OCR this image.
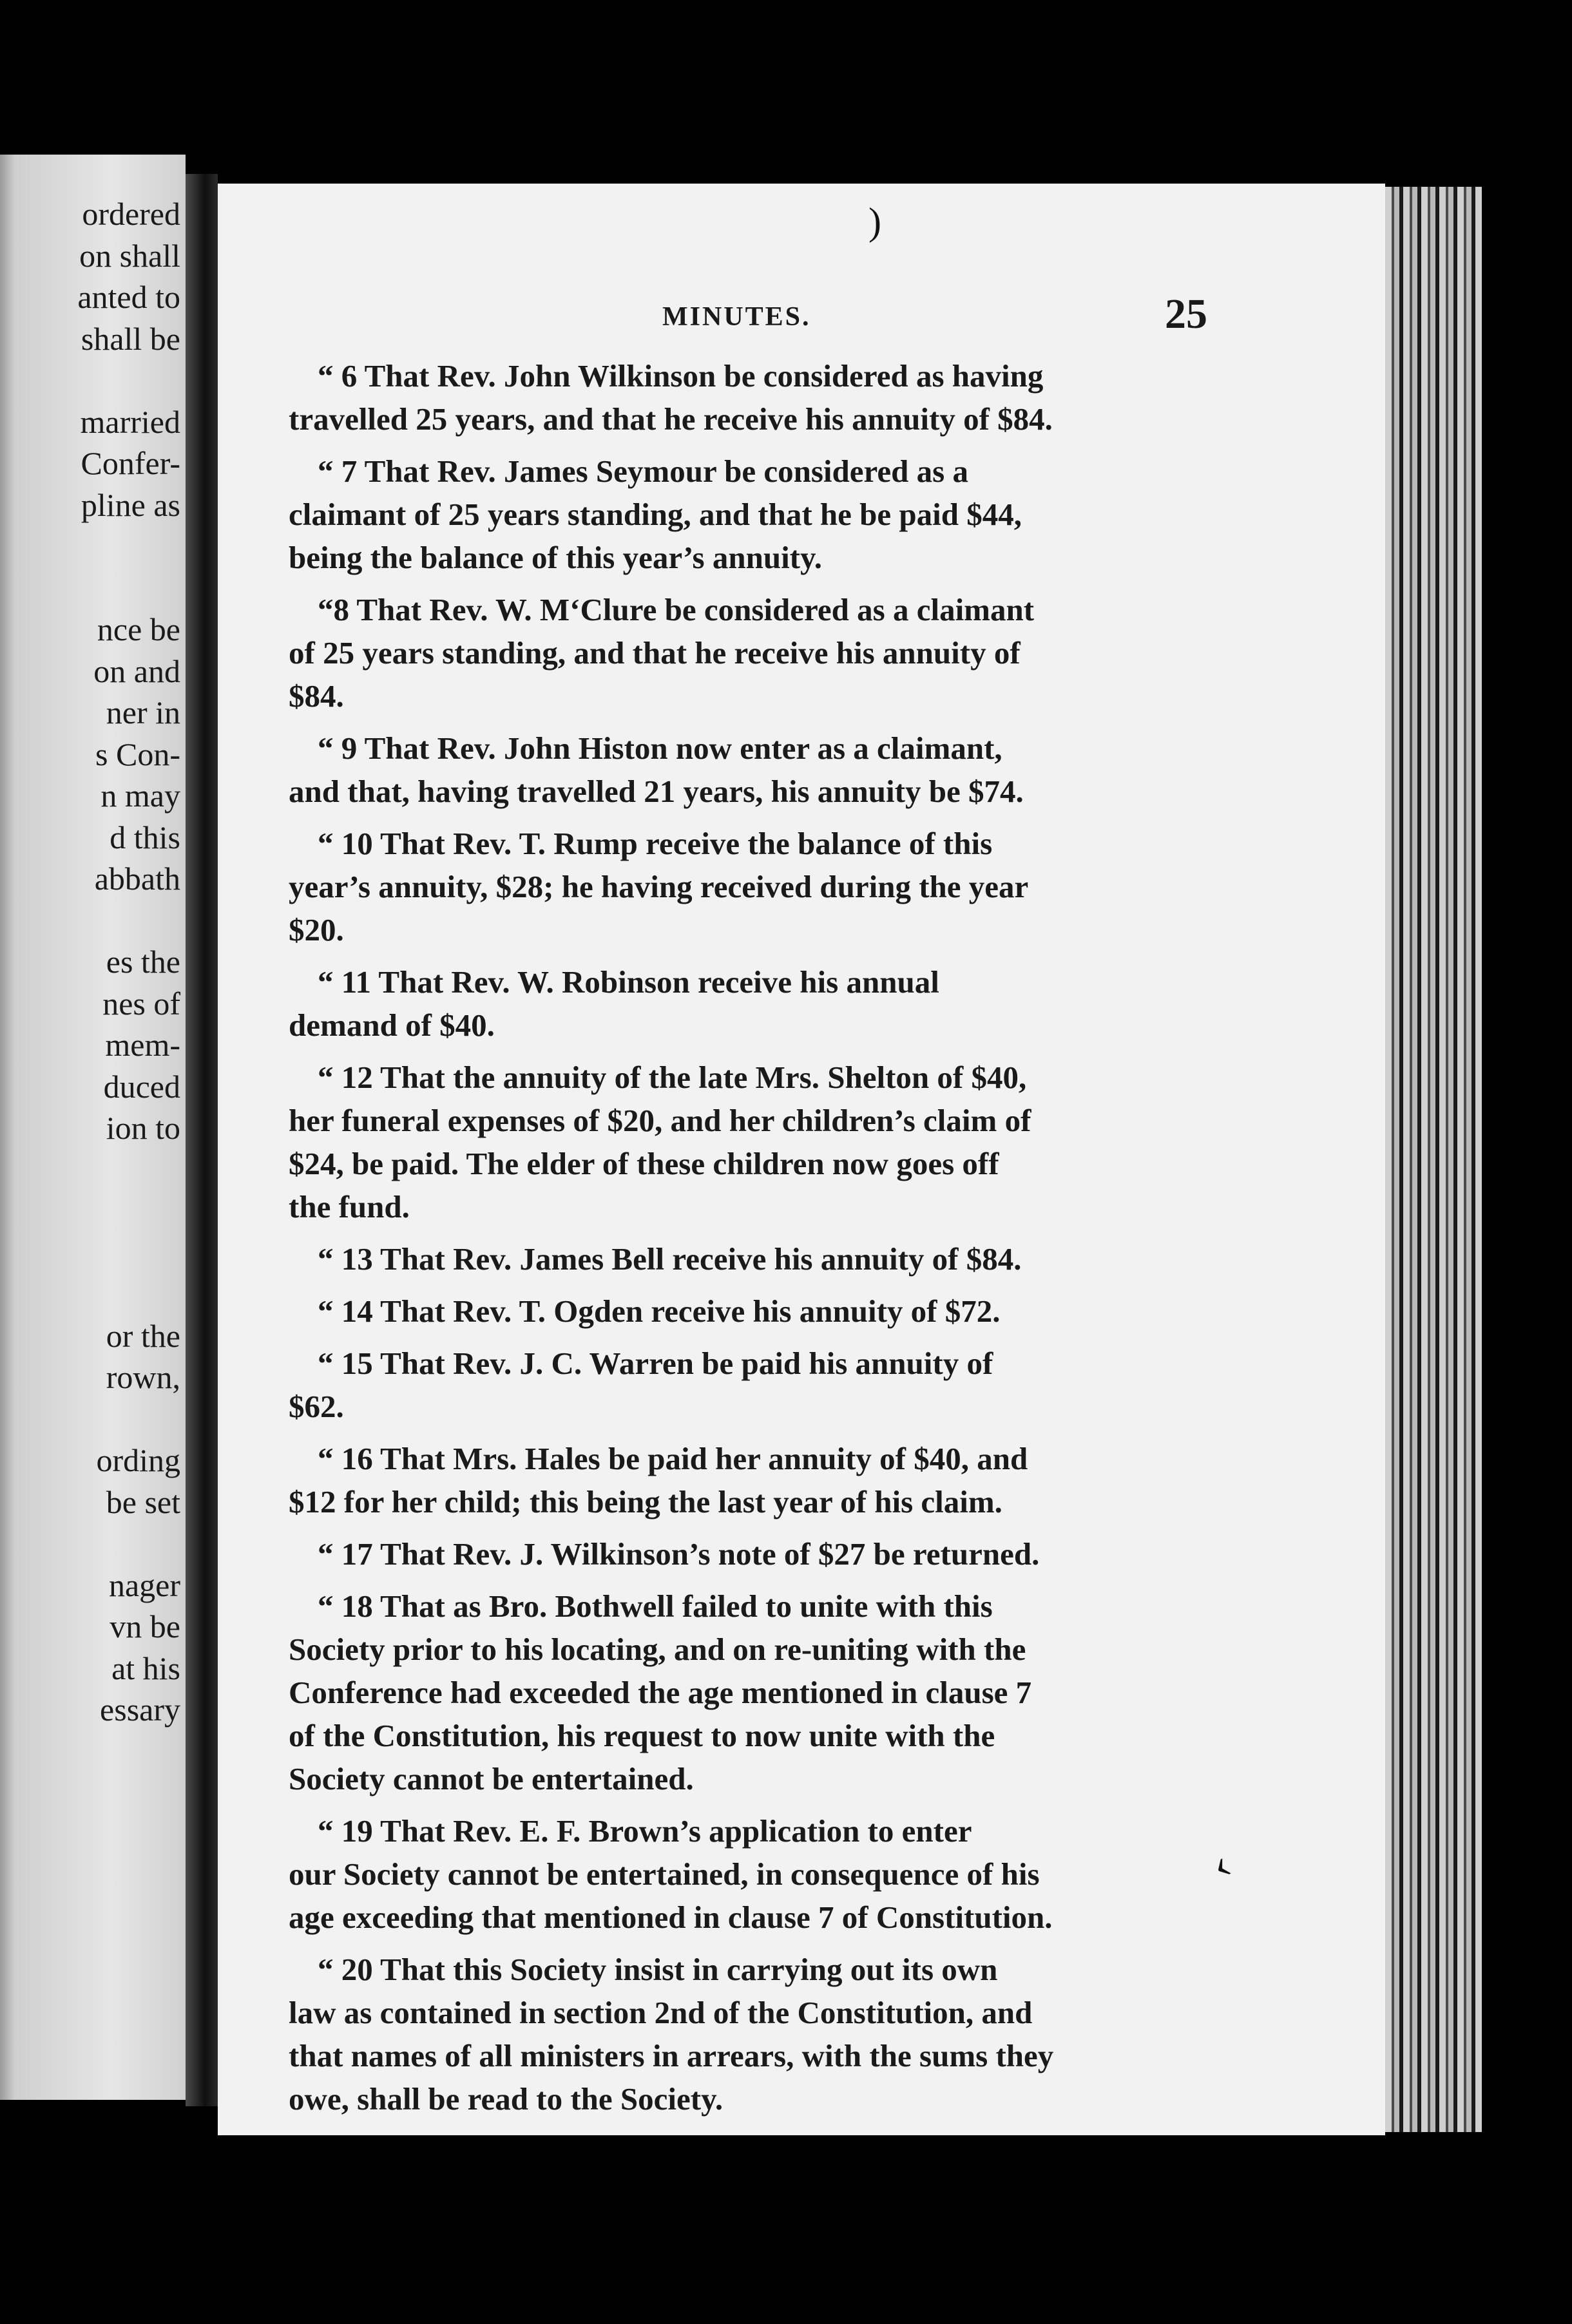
ordered
on shall
anted to
shall be
married
Confer-
pline as
nce be
on and
ner in
s Con-
n may
d this
abbath
es the
nes of
mem-
duced
ion to
or the
rown,
ording
be set
nager
vn be
at his
essary
MINUTES.	25
“ 6 That Rev. John Wilkinson be considered as having
travelled 25 years, and that he receive his annuity of $84.
“ 7 That Rev. James Seymour be considered as a
claimant of 25 years standing, and that he be paid $44,
being the balance of this year’s annuity.
“8 That Rev. W. M‘Clure be considered as a claimant
of 25 years standing, and that he receive his annuity of
$84.
“ 9 That Rev. John Histon now enter as a claimant,
and that, having travelled 21 years, his annuity be $74.
“ 10 That Rev. T. Rump receive the balance of this
year’s annuity, $28; he having received during the year
$20.
“ 11 That Rev. W. Robinson receive his annual
demand of $40.
“ 12 That the annuity of the late Mrs. Shelton of $40,
her funeral expenses of $20, and her children’s claim of
$24, be paid. The elder of these children now goes off
the fund.
“ 13 That Rev. James Bell receive his annuity of $84.
“ 14 That Rev. T. Ogden receive his annuity of $72.
“ 15 That Rev. J. C. Warren be paid his annuity of
$62.
“ 16 That Mrs. Hales be paid her annuity of $40, and
$12 for her child; this being the last year of his claim.
“ 17 That Rev. J. Wilkinson’s note of $27 be returned.
“ 18 That as Bro. Bothwell failed to unite with this
Society prior to his locating, and on re-uniting with the
Conference had exceeded the age mentioned in clause 7
of the Constitution, his request to now unite with the
Society cannot be entertained.
“ 19 That Rev. E. F. Brown’s application to enter
our Society cannot be entertained, in consequence of his
age exceeding that mentioned in clause 7 of Constitution.
“ 20 That this Society insist in carrying out its own
law as contained in section 2nd of the Constitution, and
that names of all ministers in arrears, with the sums they
owe, shall be read to the Society.
)
‹
